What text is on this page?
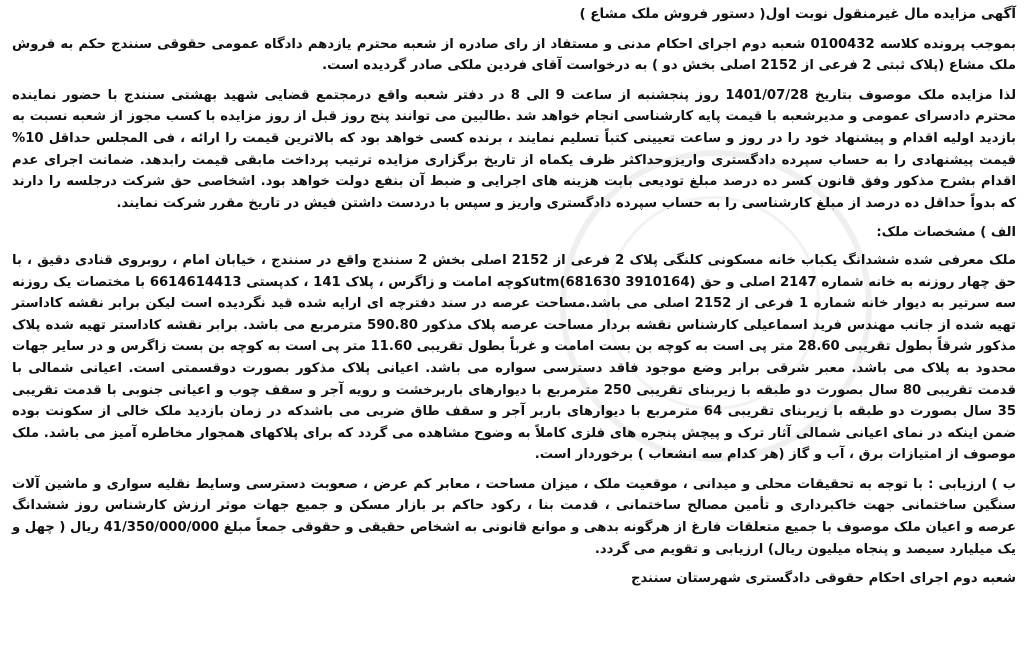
آگهی مزایده مال غیرمنقول نوبت اول( دستور فروش ملک مشاع )

بموجب پرونده کلاسه 0100432 شعبه دوم اجرای احکام مدنی و مستفاد از رای صادره از شعبه محترم یازدهم دادگاه عمومی حقوقی سنندج حکم به فروش ملک مشاع (پلاک ثبتی 2 فرعی از 2152 اصلی بخش دو ) به درخواست آقای فردین ملکی صادر گردیده است.

لذا مزایده ملک موصوف بتاریخ 1401/07/28 روز پنجشنبه از ساعت 9 الی 8 در دفتر شعبه واقع درمجتمع قضایی شهید بهشتی سنندج با حضور نماینده محترم دادسرای عمومی و مدیرشعبه با قیمت پایه کارشناسی انجام خواهد شد .طالبین می توانند پنج روز قبل از روز مزایده با کسب مجوز از شعبه نسبت به بازدید اولیه اقدام و پیشنهاد خود را در روز و ساعت تعیینی کتباً تسلیم نمایند ، برنده کسی خواهد بود که بالاترین قیمت را ارائه ، فی المجلس حداقل 10% قیمت پیشنهادی را به حساب سپرده دادگستری واریزوحداکثر ظرف یکماه از تاریخ برگزاری مزایده ترتیب پرداخت مابقی قیمت رابدهد. ضمانت اجرای عدم اقدام بشرح مذکور وفق قانون کسر ده درصد مبلغ تودیعی بابت هزینه های اجرایی و ضبط آن بنفع دولت خواهد بود. اشخاصی حق شرکت درجلسه را دارند که بدواً حداقل ده درصد از مبلغ کارشناسی را به حساب سپرده دادگستری واریز و سپس با دردست داشتن فیش در تاریخ مقرر شرکت نمایند.

الف ) مشخصات ملک:

ملک معرفی شده ششدانگ یکباب خانه مسکونی کلنگی پلاک 2 فرعی از 2152 اصلی بخش 2 سنندج واقع در سنندج ، خیابان امام ، روبروی قنادی دقیق ، با حق چهار روزنه به خانه شماره 2147 اصلی و حق utm(681630 3910164)کوچه امامت و زاگرس ، پلاک 141 ، کدپستی 6614614413 با مختصات یک روزنه سه سرتیر به دیوار خانه شماره 1 فرعی از 2152 اصلی می باشد.مساحت عرصه در سند دفترچه ای ارایه شده قید نگردیده است لیکن برابر نقشه کاداستر تهیه شده از جانب مهندس فرید اسماعیلی کارشناس نقشه بردار مساحت عرصه پلاک مذکور 590.80 مترمربع می باشد. برابر نقشه کاداستر تهیه شده پلاک مذکور شرقاً بطول تقریبی 28.60 متر پی است به کوچه بن بست امامت و غرباً بطول تقریبی 11.60 متر پی است به کوچه بن بست زاگرس و در سایر جهات محدود به پلاک می باشد. معبر شرقی برابر وضع موجود فاقد دسترسی سواره می باشد. اعیانی پلاک مذکور بصورت دوقسمتی است. اعیانی شمالی با قدمت تقریبی 80 سال بصورت دو طبقه با زیربنای تقریبی 250 مترمربع با دیوارهای باربرخشت و رویه آجر و سقف چوب و اعیانی جنوبی با قدمت تقریبی 35 سال بصورت دو طبقه با زیربنای تقریبی 64 مترمربع با دیوارهای باربر آجر و سقف طاق ضربی می باشدکه در زمان بازدید ملک خالی از سکونت بوده ضمن اینکه در نمای اعیانی شمالی آثار ترک و پیچش پنجره های فلزی کاملاً به وضوح مشاهده می گردد که برای پلاکهای همجوار مخاطره آمیز می باشد. ملک موصوف از امتیازات برق ، آب و گاز (هر کدام سه انشعاب ) برخوردار است.

ب ) ارزیابی : با توجه به تحقیقات محلی و میدانی ، موقعیت ملک ، میزان مساحت ، معابر کم عرض ، صعوبت دسترسی وسایط نقلیه سواری و ماشین آلات سنگین ساختمانی جهت خاکبرداری و تأمین مصالح ساختمانی ، قدمت بنا ، رکود حاکم بر بازار مسکن و جمیع جهات موثر ارزش کارشناس روز ششدانگ عرصه و اعیان ملک موصوف با جمیع متعلقات فارغ از هرگونه بدهی و موانع قانونی به اشخاص حقیقی و حقوقی جمعاً مبلغ 41/350/000/000 ریال ( چهل و یک میلیارد سیصد و پنجاه میلیون ریال) ارزیابی و تقویم می گردد.

شعبه دوم اجرای احکام حقوقی دادگستری شهرستان سنندج
